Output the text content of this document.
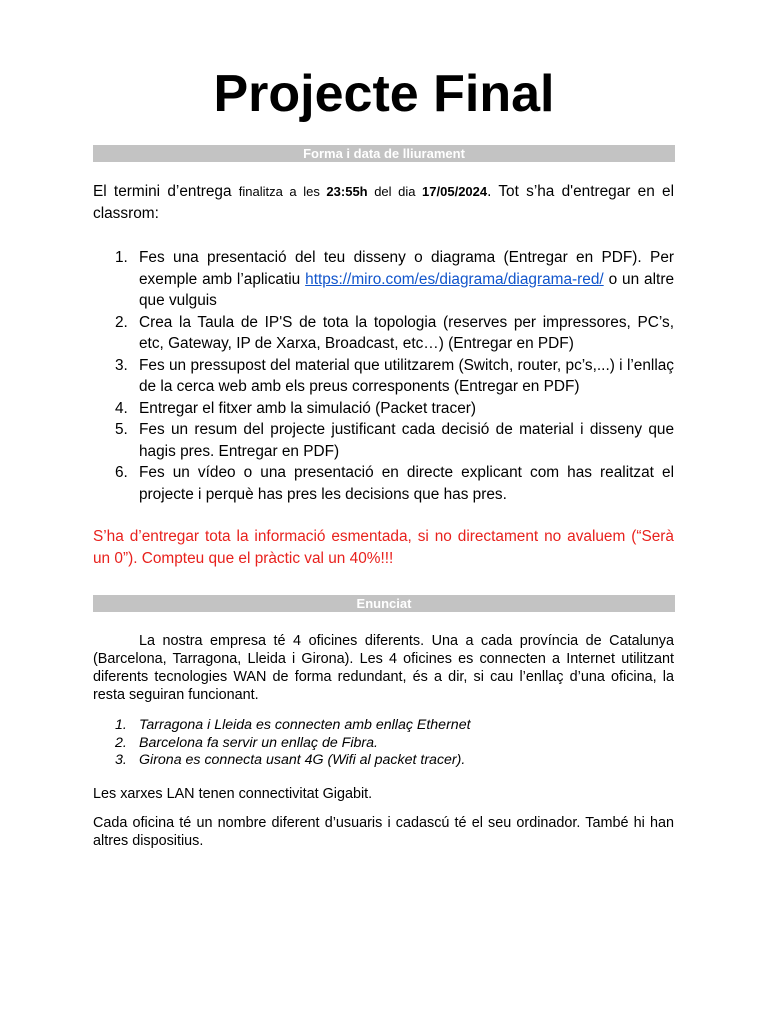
Projecte Final
Forma i data de lliurament

El termini d’entrega finalitza a les 23:55h del dia 17/05/2024. Tot s’ha d'entregar en el classrom:

1. Fes una presentació del teu disseny o diagrama (Entregar en PDF). Per exemple amb l’aplicatiu https://miro.com/es/diagrama/diagrama-red/ o un altre que vulguis
2. Crea la Taula de IP'S de tota la topologia (reserves per impressores, PC’s, etc, Gateway, IP de Xarxa, Broadcast, etc…) (Entregar en PDF)
3. Fes un pressupost del material que utilitzarem (Switch, router, pc’s,...) i l’enllaç de la cerca web amb els preus corresponents (Entregar en PDF)
4. Entregar el fitxer amb la simulació (Packet tracer)
5. Fes un resum del projecte justificant cada decisió de material i disseny que hagis pres. Entregar en PDF)
6. Fes un vídeo o una presentació en directe explicant com has realitzat el projecte i perquè has pres les decisions que has pres.

S’ha d’entregar tota la informació esmentada, si no directament no avaluem (“Serà un 0”). Compteu que el pràctic val un 40%!!!

Enunciat

La nostra empresa té 4 oficines diferents. Una a cada província de Catalunya (Barcelona, Tarragona, Lleida i Girona). Les 4 oficines es connecten a Internet utilitzant diferents tecnologies WAN de forma redundant, és a dir, si cau l’enllaç d’una oficina, la resta seguiran funcionant.

1. Tarragona i Lleida es connecten amb enllaç Ethernet
2. Barcelona fa servir un enllaç de Fibra.
3. Girona es connecta usant 4G (Wifi al packet tracer).

Les xarxes LAN tenen connectivitat Gigabit.

Cada oficina té un nombre diferent d’usuaris i cadascú té el seu ordinador. També hi han altres dispositius.
